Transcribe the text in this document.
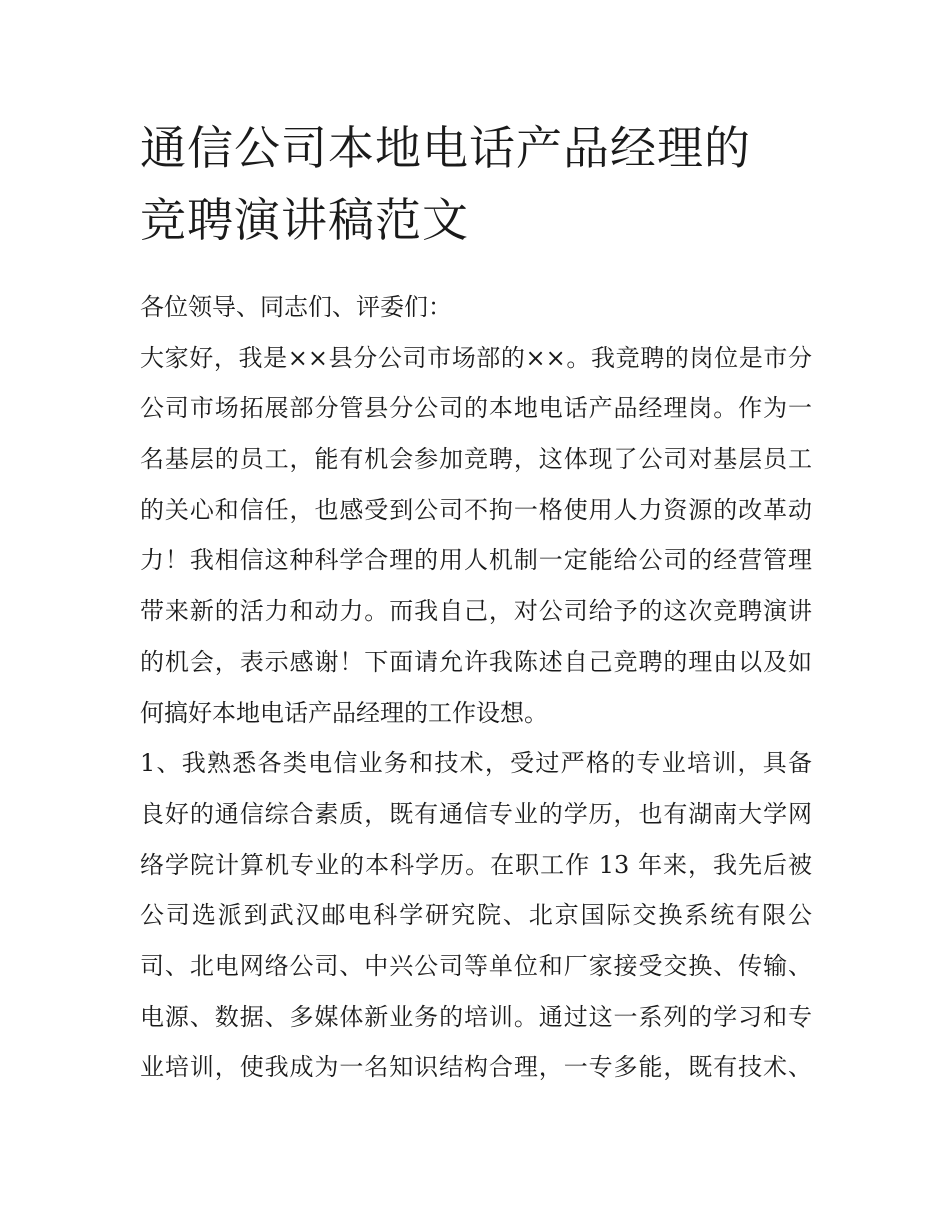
通信公司本地电话产品经理的
竞聘演讲稿范文
各位领导、同志们、评委们：
大家好，我是××县分公司市场部的××。我竞聘的岗位是市分
公司市场拓展部分管县分公司的本地电话产品经理岗。作为一
名基层的员工，能有机会参加竞聘，这体现了公司对基层员工
的关心和信任，也感受到公司不拘一格使用人力资源的改革动
力！我相信这种科学合理的用人机制一定能给公司的经营管理
带来新的活力和动力。而我自己，对公司给予的这次竞聘演讲
的机会，表示感谢！下面请允许我陈述自己竞聘的理由以及如
何搞好本地电话产品经理的工作设想。
1、我熟悉各类电信业务和技术，受过严格的专业培训，具备
良好的通信综合素质，既有通信专业的学历，也有湖南大学网
络学院计算机专业的本科学历。在职工作 13 年来，我先后被
公司选派到武汉邮电科学研究院、北京国际交换系统有限公
司、北电网络公司、中兴公司等单位和厂家接受交换、传输、
电源、数据、多媒体新业务的培训。通过这一系列的学习和专
业培训，使我成为一名知识结构合理，一专多能，既有技术、
